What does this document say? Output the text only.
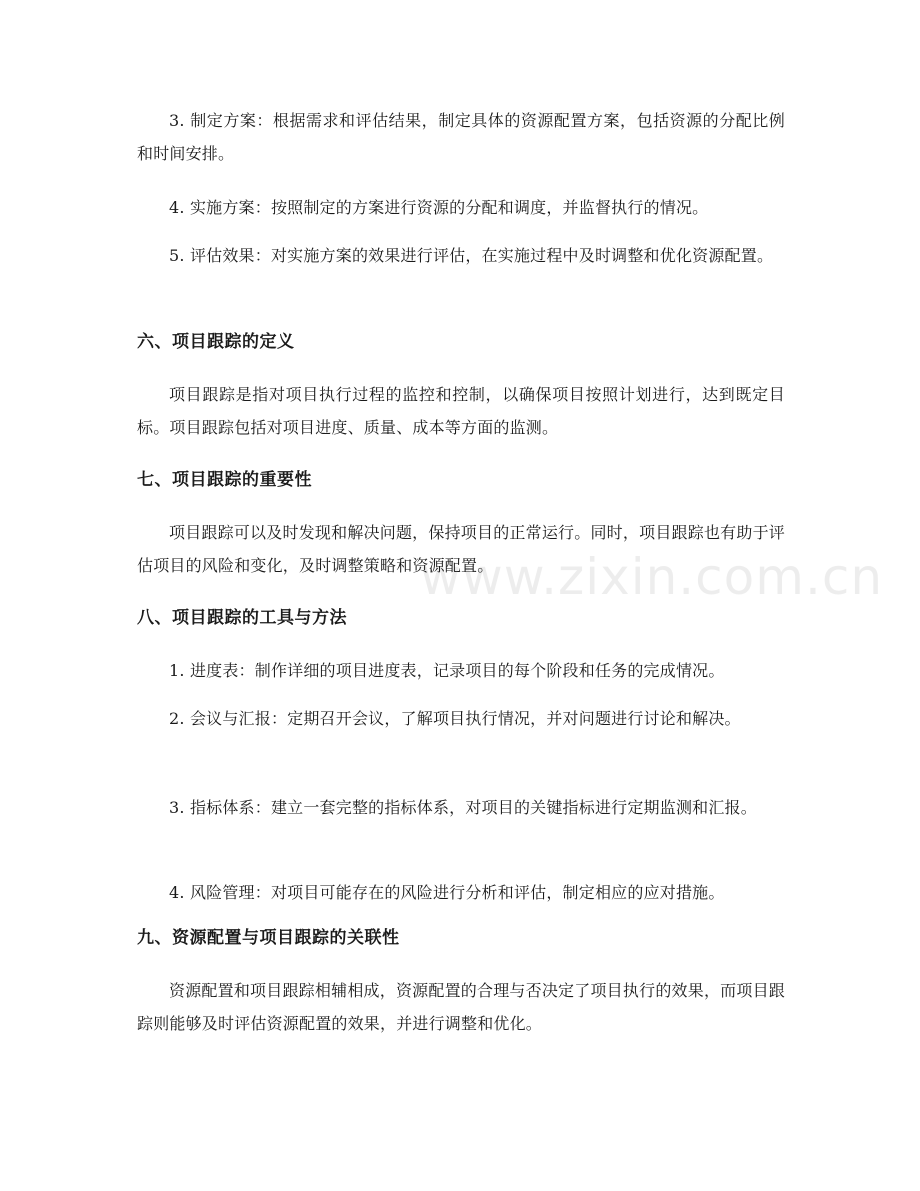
www.zixin.com.cn

3. 制定方案：根据需求和评估结果，制定具体的资源配置方案，包括资源的分配比例和时间安排。

4. 实施方案：按照制定的方案进行资源的分配和调度，并监督执行的情况。

5. 评估效果：对实施方案的效果进行评估，在实施过程中及时调整和优化资源配置。

六、项目跟踪的定义

项目跟踪是指对项目执行过程的监控和控制，以确保项目按照计划进行，达到既定目标。项目跟踪包括对项目进度、质量、成本等方面的监测。

七、项目跟踪的重要性

项目跟踪可以及时发现和解决问题，保持项目的正常运行。同时，项目跟踪也有助于评估项目的风险和变化，及时调整策略和资源配置。

八、项目跟踪的工具与方法

1. 进度表：制作详细的项目进度表，记录项目的每个阶段和任务的完成情况。

2. 会议与汇报：定期召开会议，了解项目执行情况，并对问题进行讨论和解决。

3. 指标体系：建立一套完整的指标体系，对项目的关键指标进行定期监测和汇报。

4. 风险管理：对项目可能存在的风险进行分析和评估，制定相应的应对措施。

九、资源配置与项目跟踪的关联性

资源配置和项目跟踪相辅相成，资源配置的合理与否决定了项目执行的效果，而项目跟踪则能够及时评估资源配置的效果，并进行调整和优化。
